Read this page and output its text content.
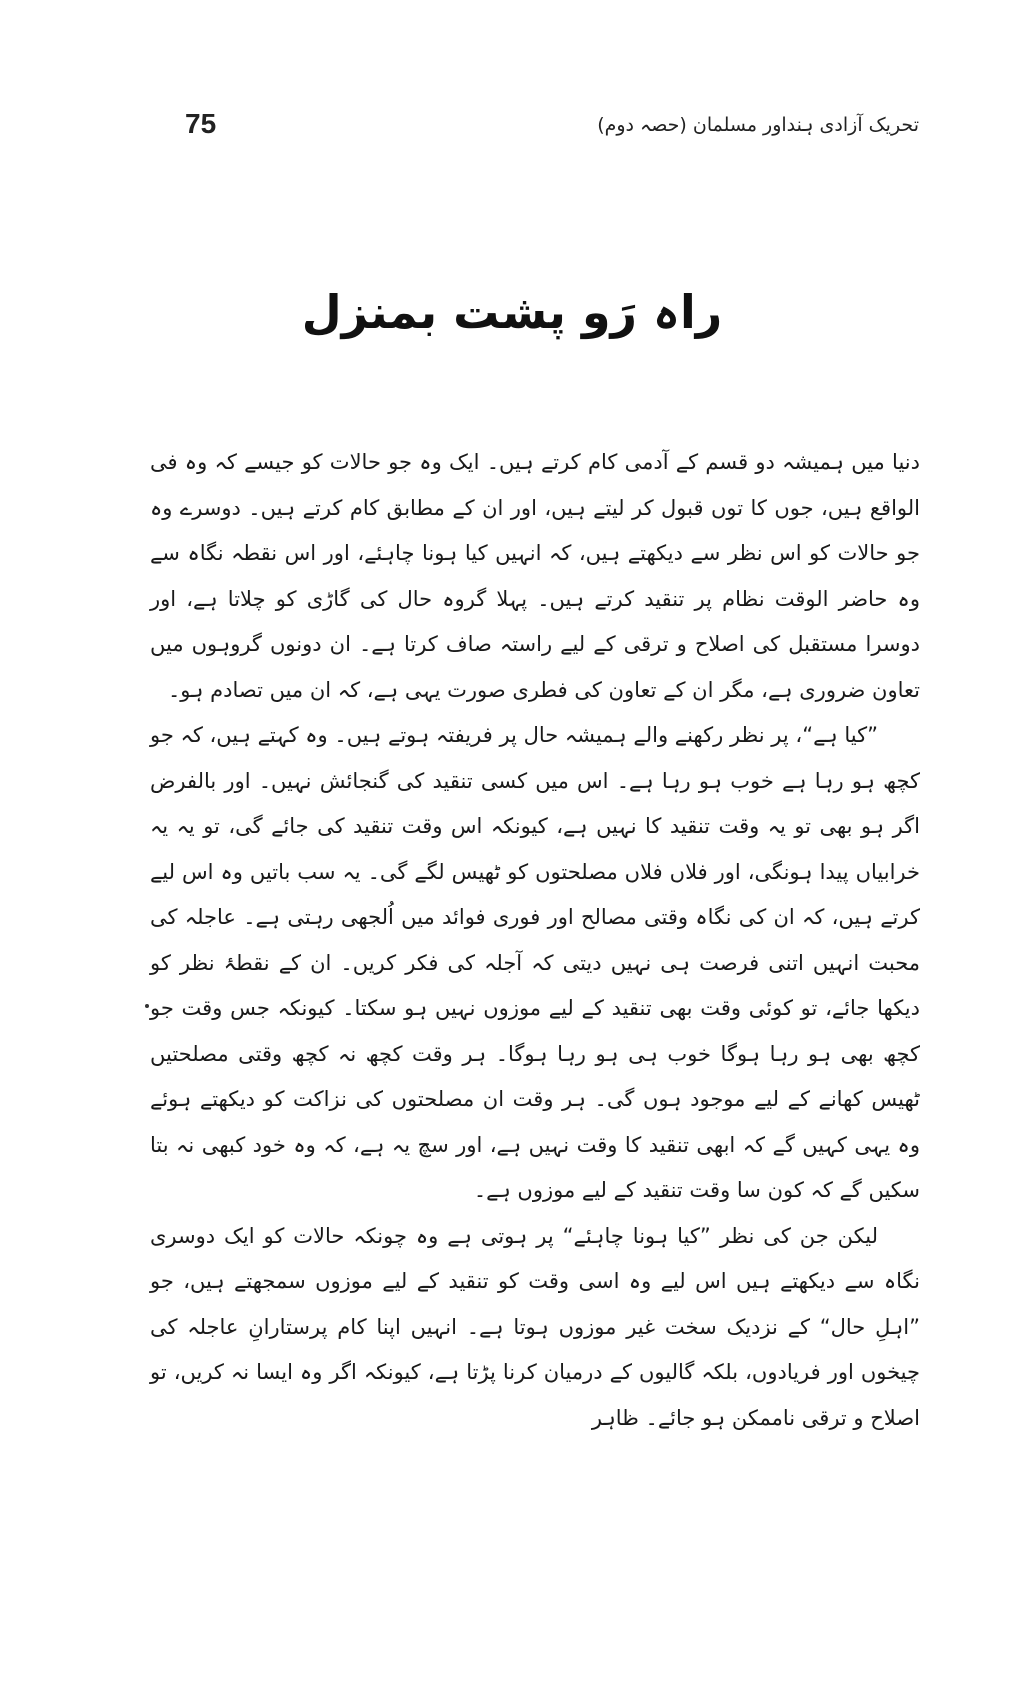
75	تحریک آزادی ہنداور مسلمان (حصہ دوم)
راہ رَو پشت بمنزل

دنیا میں ہمیشہ دو قسم کے آدمی کام کرتے ہیں۔ ایک وہ جو حالات کو جیسے کہ وہ فی الواقع ہیں، جوں کا توں قبول کر لیتے ہیں، اور ان کے مطابق کام کرتے ہیں۔ دوسرے وہ جو حالات کو اس نظر سے دیکھتے ہیں، کہ انہیں کیا ہونا چاہئے، اور اس نقطہ نگاہ سے وہ حاضر الوقت نظام پر تنقید کرتے ہیں۔ پہلا گروہ حال کی گاڑی کو چلاتا ہے، اور دوسرا مستقبل کی اصلاح و ترقی کے لیے راستہ صاف کرتا ہے۔ ان دونوں گروہوں میں تعاون ضروری ہے، مگر ان کے تعاون کی فطری صورت یہی ہے، کہ ان میں تصادم ہو۔

”کیا ہے“، پر نظر رکھنے والے ہمیشہ حال پر فریفتہ ہوتے ہیں۔ وہ کہتے ہیں، کہ جو کچھ ہو رہا ہے خوب ہو رہا ہے۔ اس میں کسی تنقید کی گنجائش نہیں۔ اور بالفرض اگر ہو بھی تو یہ وقت تنقید کا نہیں ہے، کیونکہ اس وقت تنقید کی جائے گی، تو یہ یہ خرابیاں پیدا ہونگی، اور فلاں فلاں مصلحتوں کو ٹھیس لگے گی۔ یہ سب باتیں وہ اس لیے کرتے ہیں، کہ ان کی نگاہ وقتی مصالح اور فوری فوائد میں اُلجھی رہتی ہے۔ عاجلہ کی محبت انہیں اتنی فرصت ہی نہیں دیتی کہ آجلہ کی فکر کریں۔ ان کے نقطۂ نظر کو دیکھا جائے، تو کوئی وقت بھی تنقید کے لیے موزوں نہیں ہو سکتا۔ کیونکہ جس وقت جو کچھ بھی ہو رہا ہوگا خوب ہی ہو رہا ہوگا۔ ہر وقت کچھ نہ کچھ وقتی مصلحتیں ٹھیس کھانے کے لیے موجود ہوں گی۔ ہر وقت ان مصلحتوں کی نزاکت کو دیکھتے ہوئے وہ یہی کہیں گے کہ ابھی تنقید کا وقت نہیں ہے، اور سچ یہ ہے، کہ وہ خود کبھی نہ بتا سکیں گے کہ کون سا وقت تنقید کے لیے موزوں ہے۔

لیکن جن کی نظر ”کیا ہونا چاہئے“ پر ہوتی ہے وہ چونکہ حالات کو ایک دوسری نگاہ سے دیکھتے ہیں اس لیے وہ اسی وقت کو تنقید کے لیے موزوں سمجھتے ہیں، جو ”اہلِ حال“ کے نزدیک سخت غیر موزوں ہوتا ہے۔ انہیں اپنا کام پرستارانِ عاجلہ کی چیخوں اور فریادوں، بلکہ گالیوں کے درمیان کرنا پڑتا ہے، کیونکہ اگر وہ ایسا نہ کریں، تو اصلاح و ترقی ناممکن ہو جائے۔ ظاہر
